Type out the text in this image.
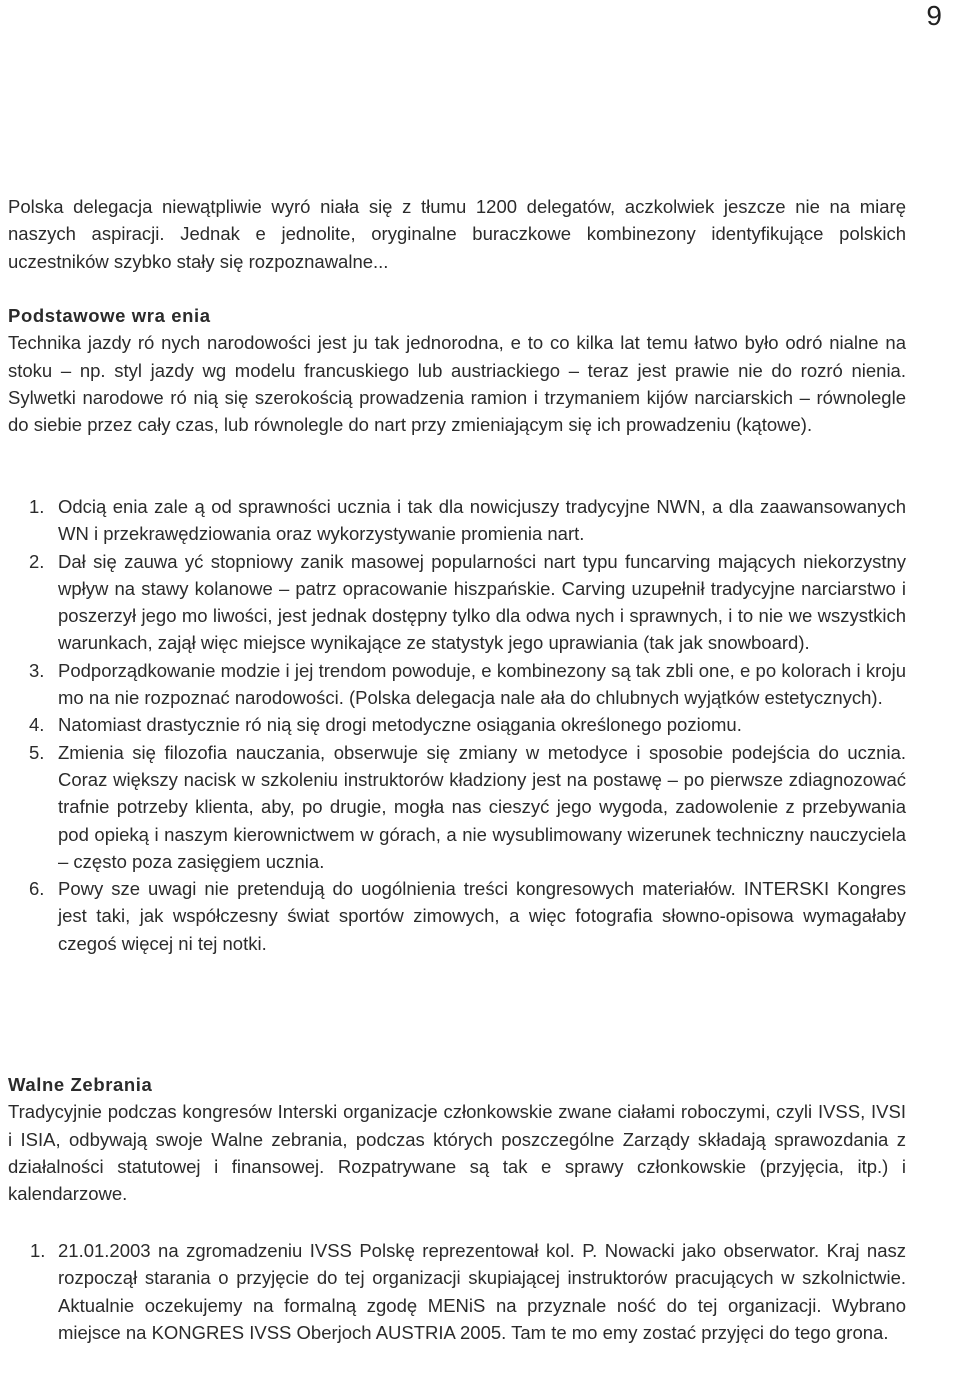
9

Polska delegacja niewątpliwie wyró niała się z tłumu 1200 delegatów, aczkolwiek jeszcze nie na miarę naszych aspiracji. Jednak e jednolite, oryginalne buraczkowe kombinezony identyfikujące polskich uczestników szybko stały się rozpoznawalne...

Podstawowe wra enia

Technika jazdy ró nych narodowości jest ju tak jednorodna, e to co kilka lat temu łatwo było odró nialne na stoku – np. styl jazdy wg modelu francuskiego lub austriackiego – teraz jest prawie nie do rozró nienia. Sylwetki narodowe ró nią się szerokością prowadzenia ramion i trzymaniem kijów narciarskich – równolegle do siebie przez cały czas, lub równolegle do nart przy zmieniającym się ich prowadzeniu (kątowe).

1. Odcią enia zale ą od sprawności ucznia i tak dla nowicjuszy tradycyjne NWN, a dla zaawansowanych WN i przekrawędziowania oraz wykorzystywanie promienia nart.
2. Dał się zauwa yć stopniowy zanik masowej popularności nart typu funcarving mających niekorzystny wpływ na stawy kolanowe – patrz opracowanie hiszpańskie. Carving uzupełnił tradycyjne narciarstwo i poszerzył jego mo liwości, jest jednak dostępny tylko dla odwa nych i sprawnych, i to nie we wszystkich warunkach, zajął więc miejsce wynikające ze statystyk jego uprawiania (tak jak snowboard).
3. Podporządkowanie modzie i jej trendom powoduje, e kombinezony są tak zbli one, e po kolorach i kroju mo na nie rozpoznać narodowości. (Polska delegacja nale ała do chlubnych wyjątków estetycznych).
4. Natomiast drastycznie ró nią się drogi metodyczne osiągania określonego poziomu.
5. Zmienia się filozofia nauczania, obserwuje się zmiany w metodyce i sposobie podejścia do ucznia. Coraz większy nacisk w szkoleniu instruktorów kładziony jest na postawę – po pierwsze zdiagnozować trafnie potrzeby klienta, aby, po drugie, mogła nas cieszyć jego wygoda, zadowolenie z przebywania pod opieką i naszym kierownictwem w górach, a nie wysublimowany wizerunek techniczny nauczyciela – często poza zasięgiem ucznia.
6. Powy sze uwagi nie pretendują do uogólnienia treści kongresowych materiałów. INTERSKI Kongres jest taki, jak współczesny świat sportów zimowych, a więc fotografia słowno-opisowa wymagałaby czegoś więcej ni tej notki.

Walne Zebrania

Tradycyjnie podczas kongresów Interski organizacje członkowskie zwane ciałami roboczymi, czyli IVSS, IVSI i ISIA, odbywają swoje Walne zebrania, podczas których poszczególne Zarządy składają sprawozdania z działalności statutowej i finansowej. Rozpatrywane są tak e sprawy członkowskie (przyjęcia, itp.) i kalendarzowe.

1. 21.01.2003 na zgromadzeniu IVSS Polskę reprezentował kol. P. Nowacki jako obserwator. Kraj nasz rozpoczął starania o przyjęcie do tej organizacji skupiającej instruktorów pracujących w szkolnictwie. Aktualnie oczekujemy na formalną zgodę MENiS na przyznale ność do tej organizacji. Wybrano miejsce na KONGRES IVSS Oberjoch AUSTRIA 2005. Tam te mo emy zostać przyjęci do tego grona.
